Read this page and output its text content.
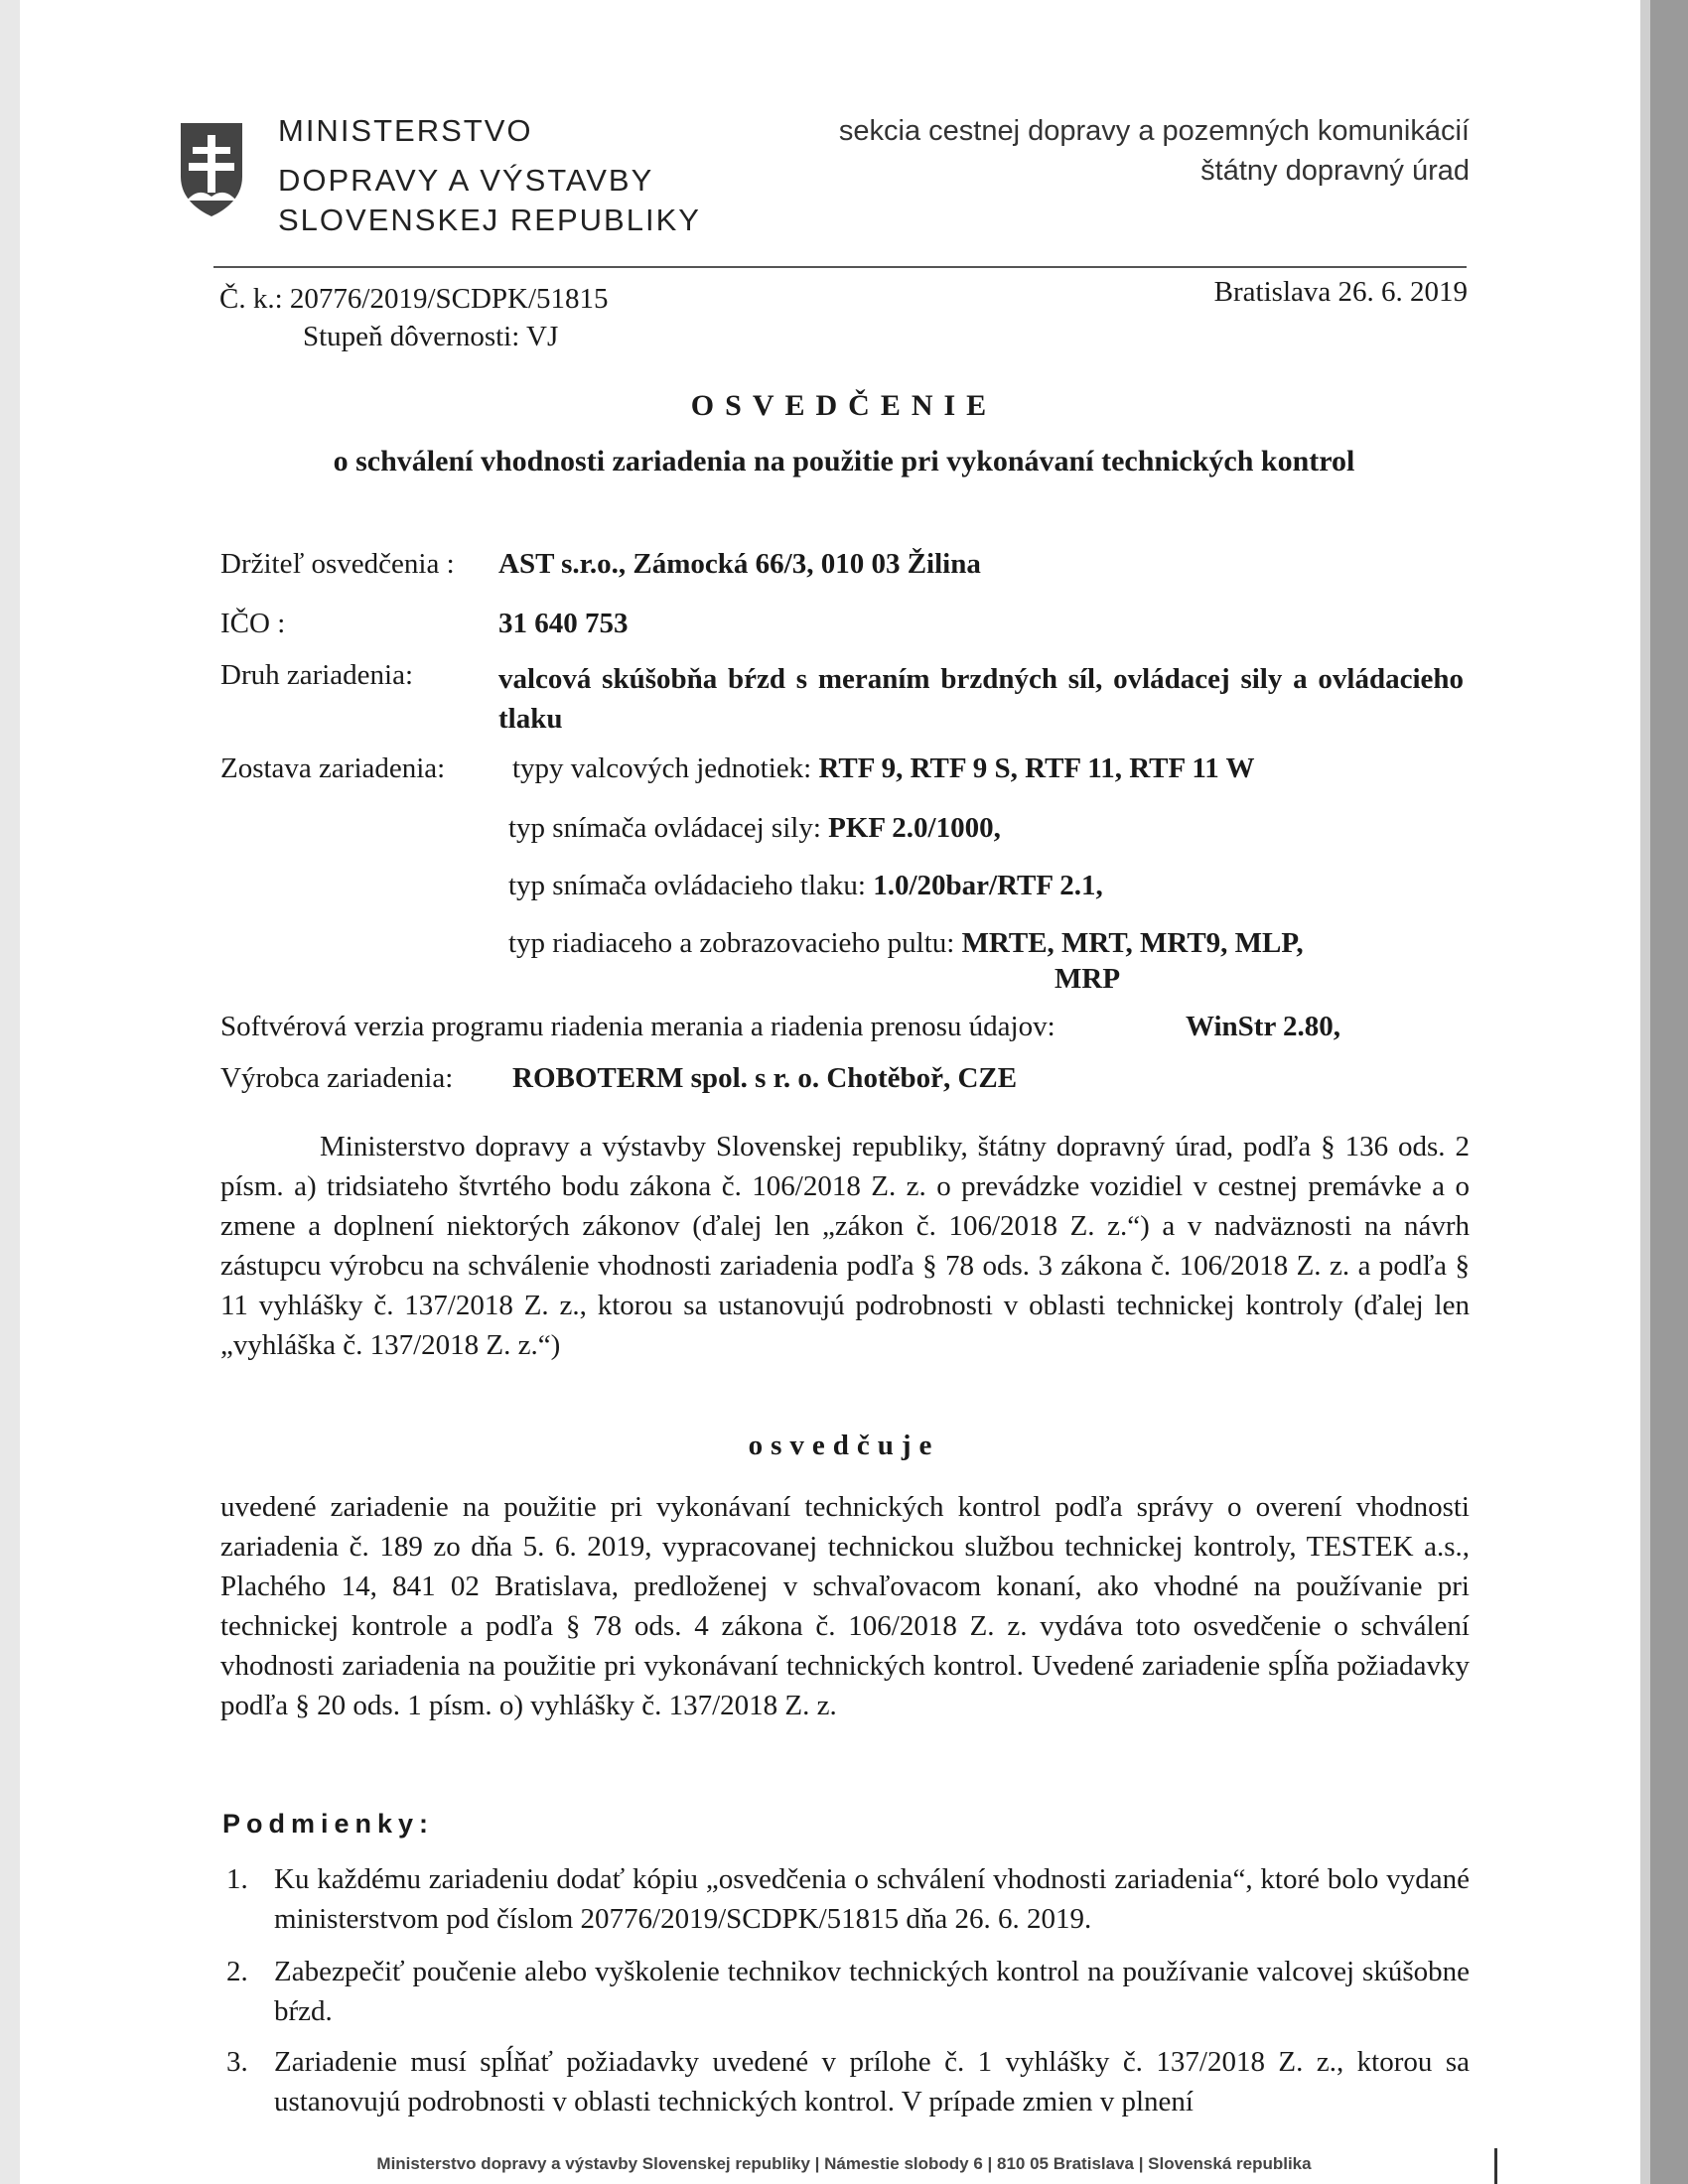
MINISTERSTVO
DOPRAVY A VÝSTAVBY
SLOVENSKEJ REPUBLIKY
sekcia cestnej dopravy a pozemných komunikácií
štátny dopravný úrad
Č. k.: 20776/2019/SCDPK/51815
Stupeň dôvernosti: VJ
Bratislava 26. 6. 2019
OSVEDČENIE
o schválení vhodnosti zariadenia na použitie pri vykonávaní technických kontrol
Držiteľ osvedčenia : AST s.r.o., Zámocká 66/3, 010 03 Žilina
IČO :	31 640 753
Druh zariadenia:	valcová skúšobňa bŕzd s meraním brzdných síl, ovládacej sily a ovládacieho tlaku
Zostava zariadenia: typy valcových jednotiek: RTF 9, RTF 9 S, RTF 11, RTF 11 W
typ snímača ovládacej sily: PKF 2.0/1000,
typ snímača ovládacieho tlaku: 1.0/20bar/RTF 2.1,
typ riadiaceho a zobrazovacieho pultu: MRTE, MRT, MRT9, MLP,
MRP
Softvérová verzia programu riadenia merania a riadenia prenosu údajov:	WinStr 2.80,
Výrobca zariadenia: ROBOTERM spol. s r. o. Chotěboř, CZE
Ministerstvo dopravy a výstavby Slovenskej republiky, štátny dopravný úrad, podľa § 136 ods. 2 písm. a) tridsiateho štvrtého bodu zákona č. 106/2018 Z. z. o prevádzke vozidiel v cestnej premávke a o zmene a doplnení niektorých zákonov (ďalej len „zákon č. 106/2018 Z. z.“) a v nadväznosti na návrh zástupcu výrobcu na schválenie vhodnosti zariadenia podľa § 78 ods. 3 zákona č. 106/2018 Z. z. a podľa § 11 vyhlášky č. 137/2018 Z. z., ktorou sa ustanovujú podrobnosti v oblasti technickej kontroly (ďalej len „vyhláška č. 137/2018 Z. z.“)
osvedčuje
uvedené zariadenie na použitie pri vykonávaní technických kontrol podľa správy o overení vhodnosti zariadenia č. 189 zo dňa 5. 6. 2019, vypracovanej technickou službou technickej kontroly, TESTEK a.s., Plachého 14, 841 02 Bratislava, predloženej v schvaľovacom konaní, ako vhodné na používanie pri technickej kontrole a podľa § 78 ods. 4 zákona č. 106/2018 Z. z. vydáva toto osvedčenie o schválení vhodnosti zariadenia na použitie pri vykonávaní technických kontrol. Uvedené zariadenie spĺňa požiadavky podľa § 20 ods. 1 písm. o) vyhlášky č. 137/2018 Z. z.
Podmienky:
1. Ku každému zariadeniu dodať kópiu „osvedčenia o schválení vhodnosti zariadenia“, ktoré bolo vydané ministerstvom pod číslom 20776/2019/SCDPK/51815 dňa 26. 6. 2019.
2. Zabezpečiť poučenie alebo vyškolenie technikov technických kontrol na používanie valcovej skúšobne bŕzd.
3. Zariadenie musí spĺňať požiadavky uvedené v prílohe č. 1 vyhlášky č. 137/2018 Z. z., ktorou sa ustanovujú podrobnosti v oblasti technických kontrol. V prípade zmien v plnení
Ministerstvo dopravy a výstavby Slovenskej republiky | Námestie slobody 6 | 810 05 Bratislava | Slovenská republika
